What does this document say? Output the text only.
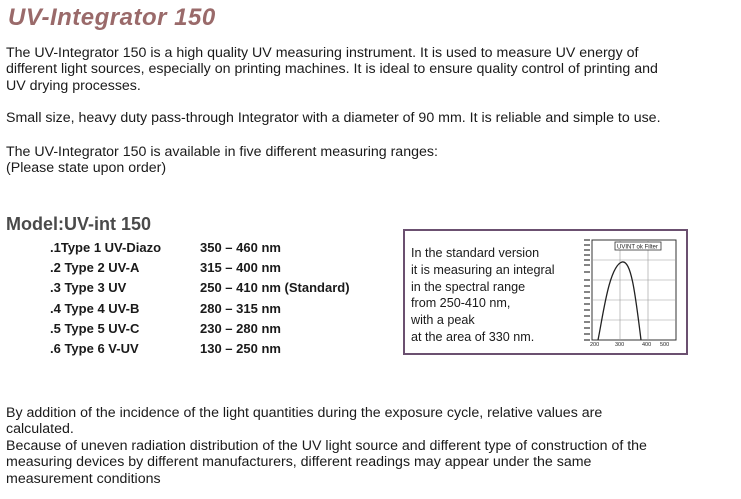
UV-Integrator 150
The UV-Integrator 150 is a high quality UV measuring instrument. It is used to measure UV energy of
different light sources, especially on printing machines. It is ideal to ensure quality control of printing and
UV drying processes.
Small size, heavy duty pass-through Integrator with a diameter of 90 mm. It is reliable and simple to use.
The UV-Integrator 150 is available in five different measuring ranges:
(Please state upon order)
Model:UV-int 150
.1Type 1 UV-Diazo	350 – 460 nm
.2 Type 2 UV-A	315 – 400 nm
.3 Type 3 UV	250 – 410 nm (Standard)
.4 Type 4 UV-B	280 – 315 nm
.5 Type 5 UV-C	230 – 280 nm
.6 Type 6 V-UV	130 – 250 nm
In the standard version
it is measuring an integral
in the spectral range
from 250-410 nm,
with a peak
at the area of 330 nm.
UVINT ok Filter
200	300	400 500
By addition of the incidence of the light quantities during the exposure cycle, relative values are
calculated.
Because of uneven radiation distribution of the UV light source and different type of construction of the
measuring devices by different manufacturers, different readings may appear under the same
measurement conditions
